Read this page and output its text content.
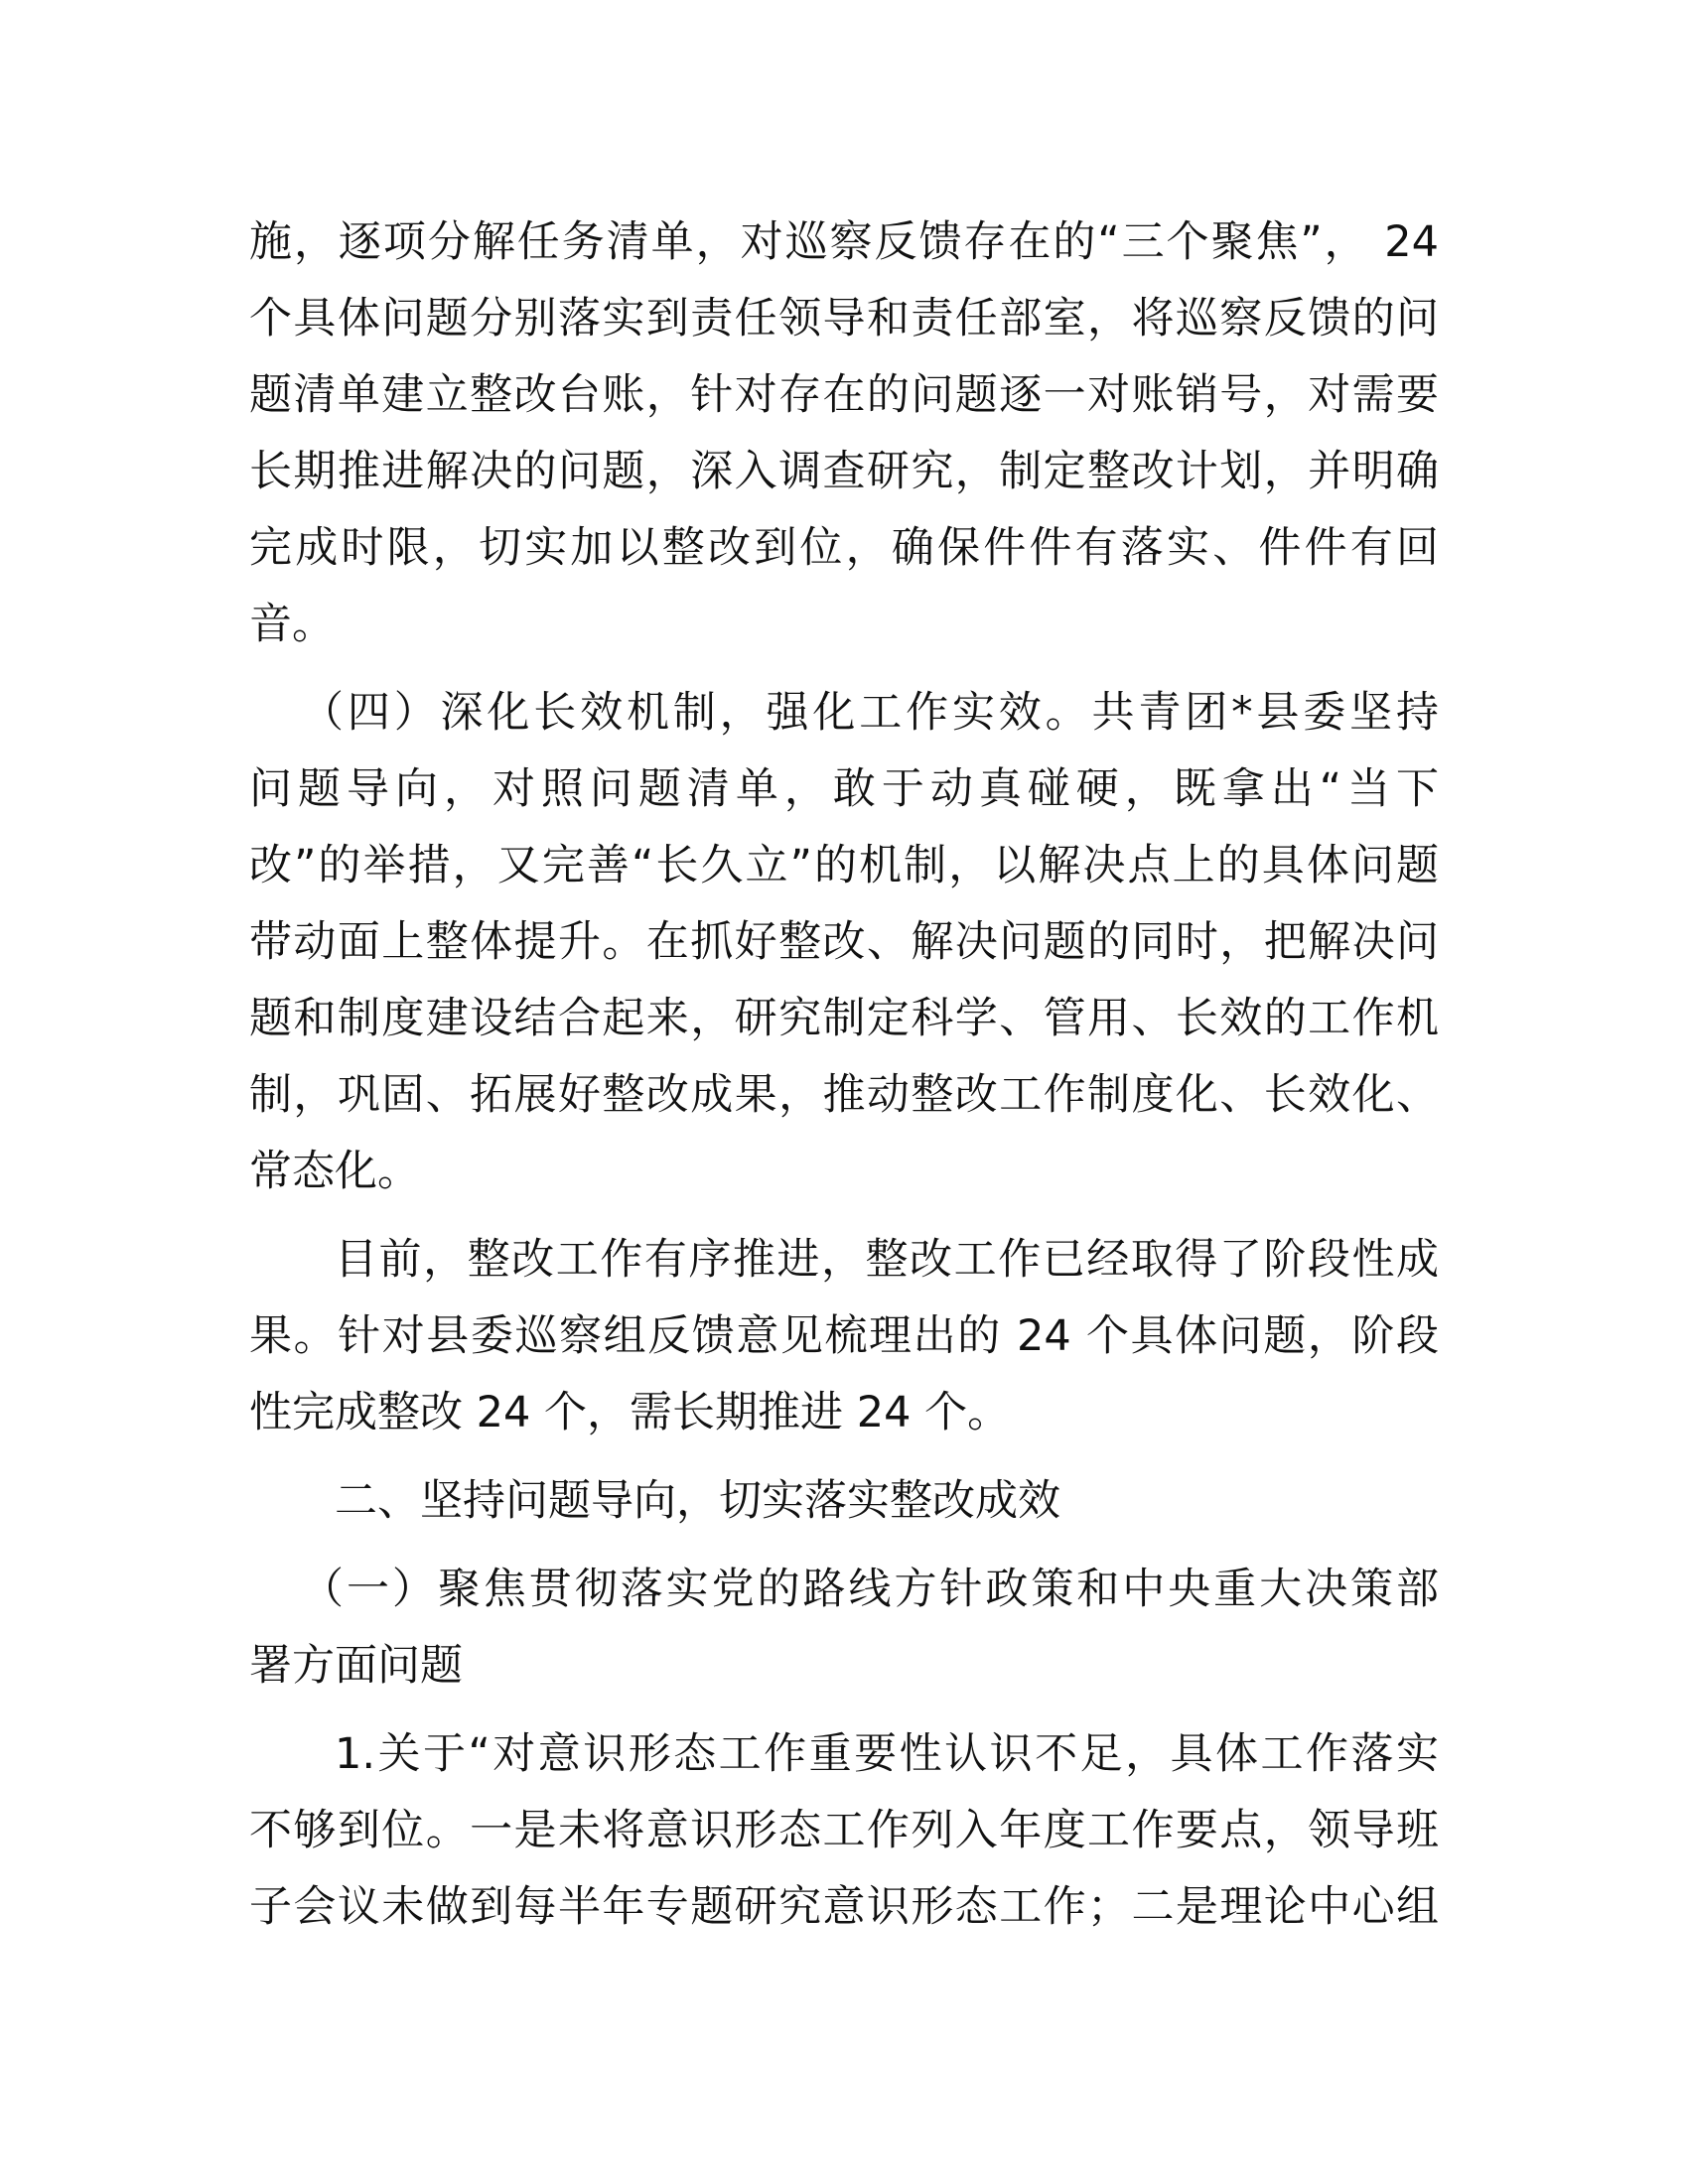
施，逐项分解任务清单，对巡察反馈存在的“三个聚焦”， 24
个具体问题分别落实到责任领导和责任部室，将巡察反馈的问
题清单建立整改台账，针对存在的问题逐一对账销号，对需要
长期推进解决的问题，深入调查研究，制定整改计划，并明确
完成时限，切实加以整改到位，确保件件有落实、件件有回
音。
（四）深化长效机制，强化工作实效。共青团*县委坚持
问题导向，对照问题清单，敢于动真碰硬，既拿出“当下
改”的举措，又完善“长久立”的机制，以解决点上的具体问题
带动面上整体提升。在抓好整改、解决问题的同时，把解决问
题和制度建设结合起来，研究制定科学、管用、长效的工作机
制，巩固、拓展好整改成果，推动整改工作制度化、长效化、
常态化。
目前，整改工作有序推进，整改工作已经取得了阶段性成
果。针对县委巡察组反馈意见梳理出的 24 个具体问题，阶段
性完成整改 24 个，需长期推进 24 个。
二、坚持问题导向，切实落实整改成效
（一）聚焦贯彻落实党的路线方针政策和中央重大决策部
署方面问题
1.关于“对意识形态工作重要性认识不足，具体工作落实
不够到位。一是未将意识形态工作列入年度工作要点，领导班
子会议未做到每半年专题研究意识形态工作；二是理论中心组
